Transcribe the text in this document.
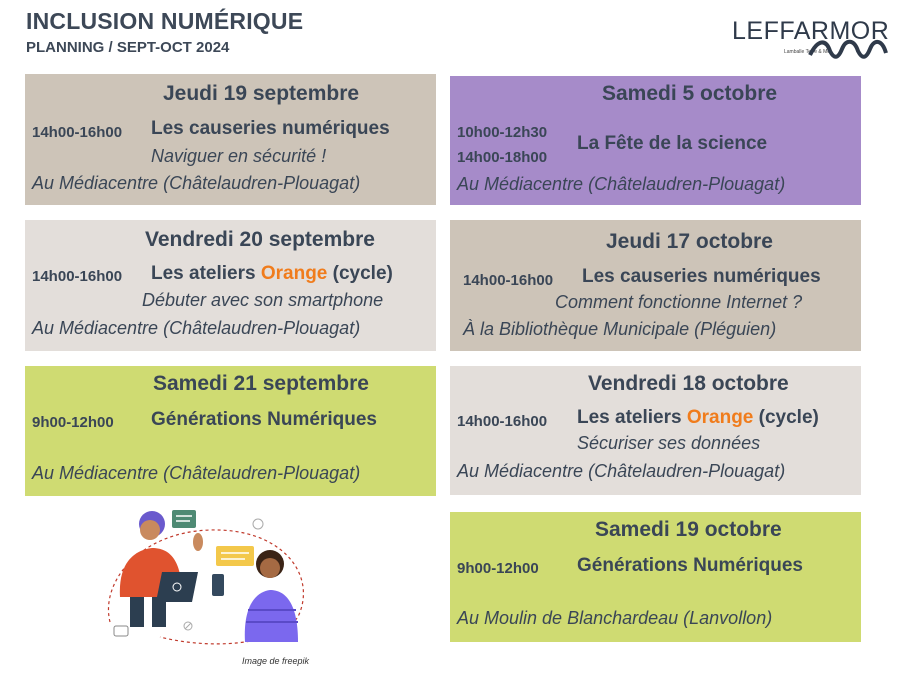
INCLUSION NUMÉRIQUE
PLANNING / SEPT-OCT 2024
LEFFARMOR
Lamballe Terre & Mer
Jeudi 19 septembre
14h00-16h00 Les causeries numériques
Naviguer en sécurité !
Au Médiacentre (Châtelaudren-Plouagat)
Vendredi 20 septembre
14h00-16h00 Les ateliers Orange (cycle)
Débuter avec son smartphone
Au Médiacentre (Châtelaudren-Plouagat)
Samedi 21 septembre
9h00-12h00 Générations Numériques
Au Médiacentre (Châtelaudren-Plouagat)
Samedi 5 octobre
10h00-12h30
14h00-18h00
La Fête de la science
Au Médiacentre (Châtelaudren-Plouagat)
Jeudi 17 octobre
14h00-16h00 Les causeries numériques
Comment fonctionne Internet ?
À la Bibliothèque Municipale (Pléguien)
Vendredi 18 octobre
14h00-16h00 Les ateliers Orange (cycle)
Sécuriser ses données
Au Médiacentre (Châtelaudren-Plouagat)
Samedi 19 octobre
9h00-12h00 Générations Numériques
Au Moulin de Blanchardeau (Lanvollon)
Image de freepik
